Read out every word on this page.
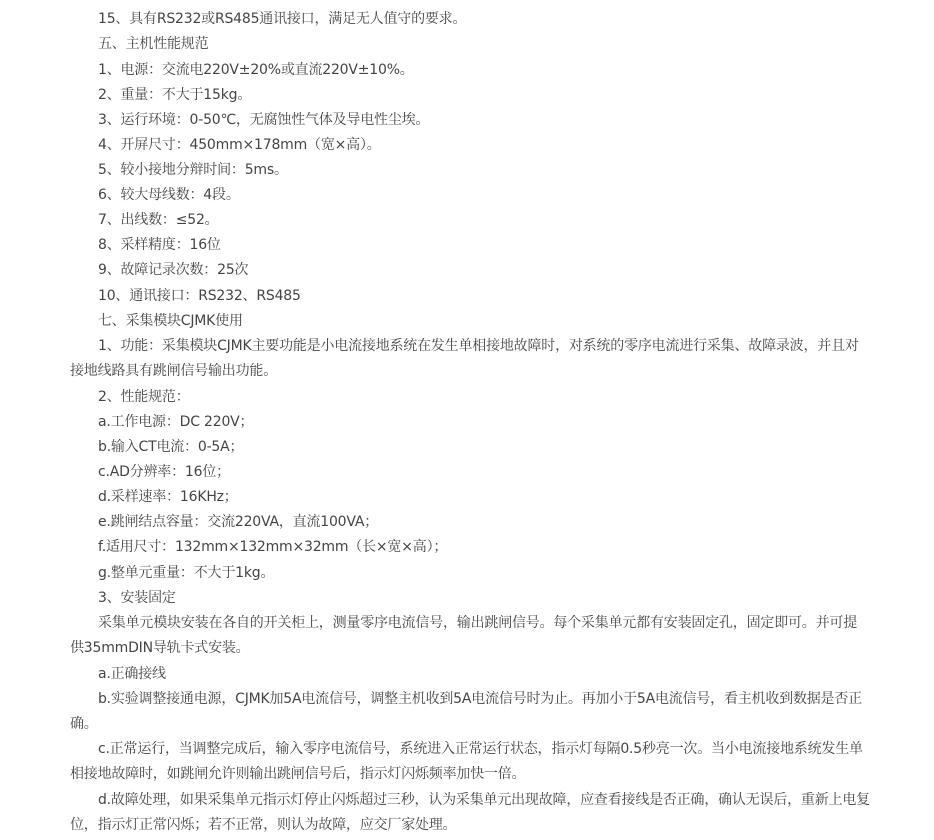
15、具有RS232或RS485通讯接口，满足无人值守的要求。
五、主机性能规范
1、电源：交流电220V±20%或直流220V±10%。
2、重量：不大于15kg。
3、运行环境：0-50℃，无腐蚀性气体及导电性尘埃。
4、开屏尺寸：450mm×178mm（宽×高）。
5、较小接地分辩时间：5ms。
6、较大母线数：4段。
7、出线数：≤52。
8、采样精度：16位
9、故障记录次数：25次
10、通讯接口：RS232、RS485
七、采集模块CJMK使用
1、功能：采集模块CJMK主要功能是小电流接地系统在发生单相接地故障时，对系统的零序电流进行采集、故障录波，并且对接地线路具有跳闸信号输出功能。
2、性能规范：
a.工作电源：DC 220V；
b.输入CT电流：0-5A；
c.AD分辨率：16位；
d.采样速率：16KHz；
e.跳闸结点容量：交流220VA，直流100VA；
f.适用尺寸：132mm×132mm×32mm（长×宽×高）；
g.整单元重量：不大于1kg。
3、安装固定
采集单元模块安装在各自的开关柜上，测量零序电流信号，输出跳闸信号。每个采集单元都有安装固定孔，固定即可。并可提供35mmDIN导轨卡式安装。
a.正确接线
b.实验调整接通电源，CJMK加5A电流信号，调整主机收到5A电流信号时为止。再加小于5A电流信号，看主机收到数据是否正确。
c.正常运行，当调整完成后，输入零序电流信号，系统进入正常运行状态，指示灯每隔0.5秒亮一次。当小电流接地系统发生单相接地故障时，如跳闸允许则输出跳闸信号后，指示灯闪烁频率加快一倍。
d.故障处理，如果采集单元指示灯停止闪烁超过三秒，认为采集单元出现故障，应查看接线是否正确，确认无误后，重新上电复位，指示灯正常闪烁；若不正常，则认为故障，应交厂家处理。
